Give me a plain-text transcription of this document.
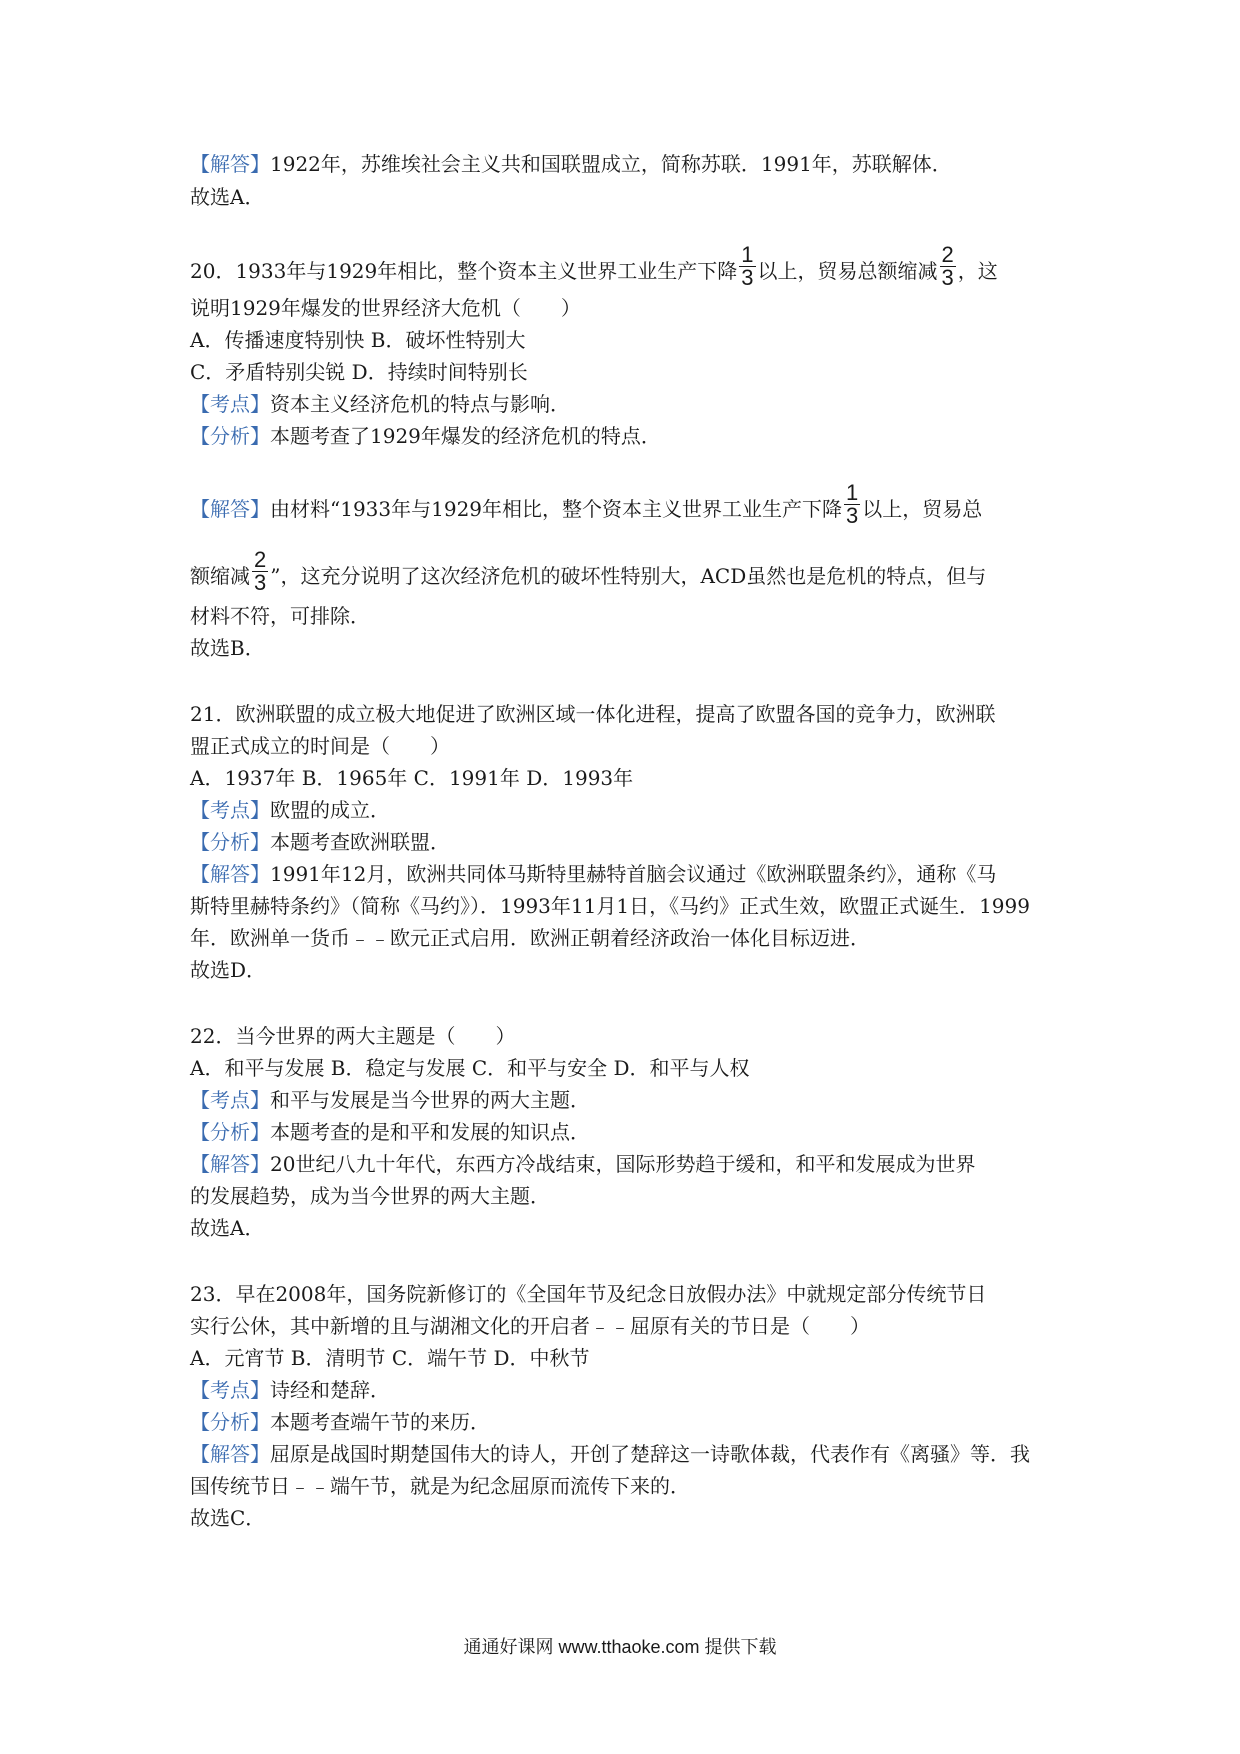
【解答】1922年，苏维埃社会主义共和国联盟成立，简称苏联．1991年，苏联解体．
故选A．
20．1933年与1929年相比，整个资本主义世界工业生产下降 $\frac{1}{3}$ 以上，贸易总额缩减 $\frac{2}{3}$ ，这
说明1929年爆发的世界经济大危机（　　）
A．传播速度特别快 B．破坏性特别大
C．矛盾特别尖锐 D．持续时间特别长
【考点】资本主义经济危机的特点与影响．
【分析】本题考查了1929年爆发的经济危机的特点．
【解答】由材料“1933年与1929年相比，整个资本主义世界工业生产下降 $\frac{1}{3}$ 以上，贸易总
额缩减 $\frac{2}{3}$ ”，这充分说明了这次经济危机的破坏性特别大，ACD虽然也是危机的特点，但与
材料不符，可排除．
故选B．
21．欧洲联盟的成立极大地促进了欧洲区域一体化进程，提高了欧盟各国的竞争力，欧洲联
盟正式成立的时间是（　　）
A．1937年 B．1965年 C．1991年 D．1993年
【考点】欧盟的成立．
【分析】本题考查欧洲联盟．
【解答】1991年12月，欧洲共同体马斯特里赫特首脑会议通过《欧洲联盟条约》，通称《马
斯特里赫特条约》（简称《马约》）．1993年11月1日，《马约》正式生效，欧盟正式诞生．1999
年．欧洲单一货币﹣﹣欧元正式启用．欧洲正朝着经济政治一体化目标迈进．
故选D．
22．当今世界的两大主题是（　　）
A．和平与发展 B．稳定与发展 C．和平与安全 D．和平与人权
【考点】和平与发展是当今世界的两大主题．
【分析】本题考查的是和平和发展的知识点．
【解答】20世纪八九十年代，东西方冷战结束，国际形势趋于缓和，和平和发展成为世界
的发展趋势，成为当今世界的两大主题．
故选A．
23．早在2008年，国务院新修订的《全国年节及纪念日放假办法》中就规定部分传统节日
实行公休，其中新增的且与湖湘文化的开启者﹣﹣屈原有关的节日是（　　）
A．元宵节 B．清明节 C．端午节 D．中秋节
【考点】诗经和楚辞．
【分析】本题考查端午节的来历．
【解答】屈原是战国时期楚国伟大的诗人，开创了楚辞这一诗歌体裁，代表作有《离骚》等．我
国传统节日﹣﹣端午节，就是为纪念屈原而流传下来的．
故选C．
通通好课网 www.tthaoke.com 提供下载
